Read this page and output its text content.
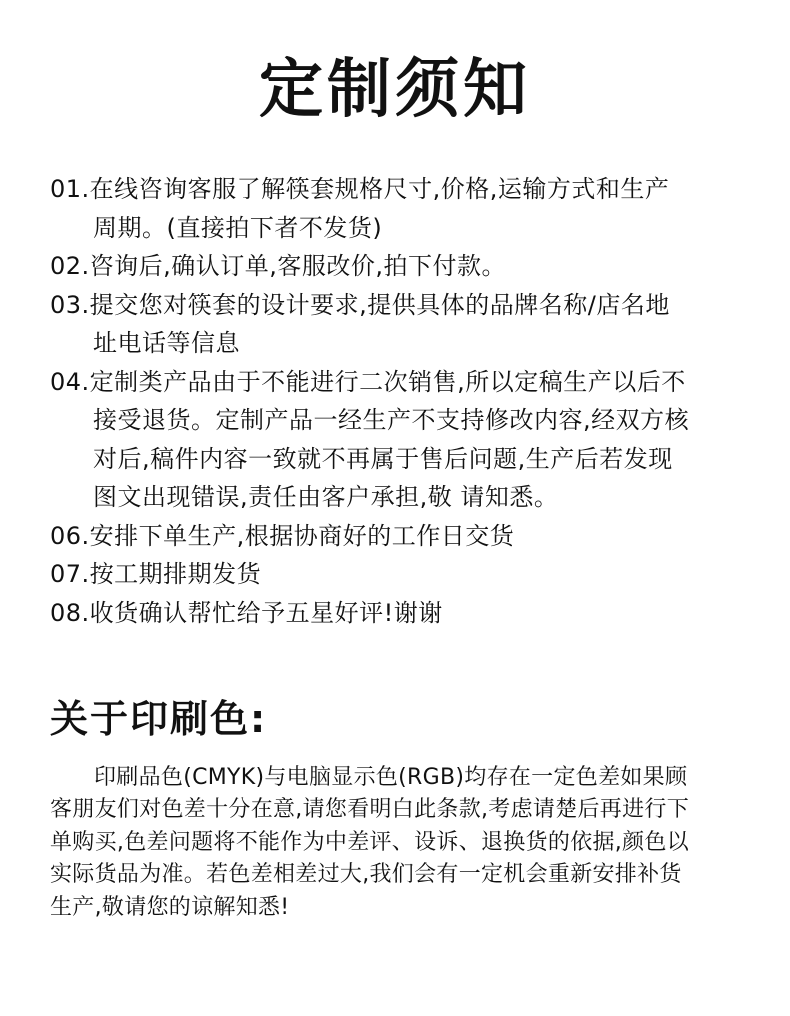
定制须知
01.在线咨询客服了解筷套规格尺寸,价格,运输方式和生产
周期。(直接拍下者不发货)
02.咨询后,确认订单,客服改价,拍下付款。
03.提交您对筷套的设计要求,提供具体的品牌名称/店名地
址电话等信息
04.定制类产品由于不能进行二次销售,所以定稿生产以后不
接受退货。定制产品一经生产不支持修改内容,经双方核
对后,稿件内容一致就不再属于售后问题,生产后若发现
图文出现错误,责任由客户承担,敬 请知悉。
06.安排下单生产,根据协商好的工作日交货
07.按工期排期发货
08.收货确认帮忙给予五星好评!谢谢
关于印刷色:
印刷品色(CMYK)与电脑显示色(RGB)均存在一定色差如果顾
客朋友们对色差十分在意,请您看明白此条款,考虑请楚后再进行下
单购买,色差问题将不能作为中差评、设诉、退换货的依据,颜色以
实际货品为准。若色差相差过大,我们会有一定机会重新安排补货
生产,敬请您的谅解知悉!
